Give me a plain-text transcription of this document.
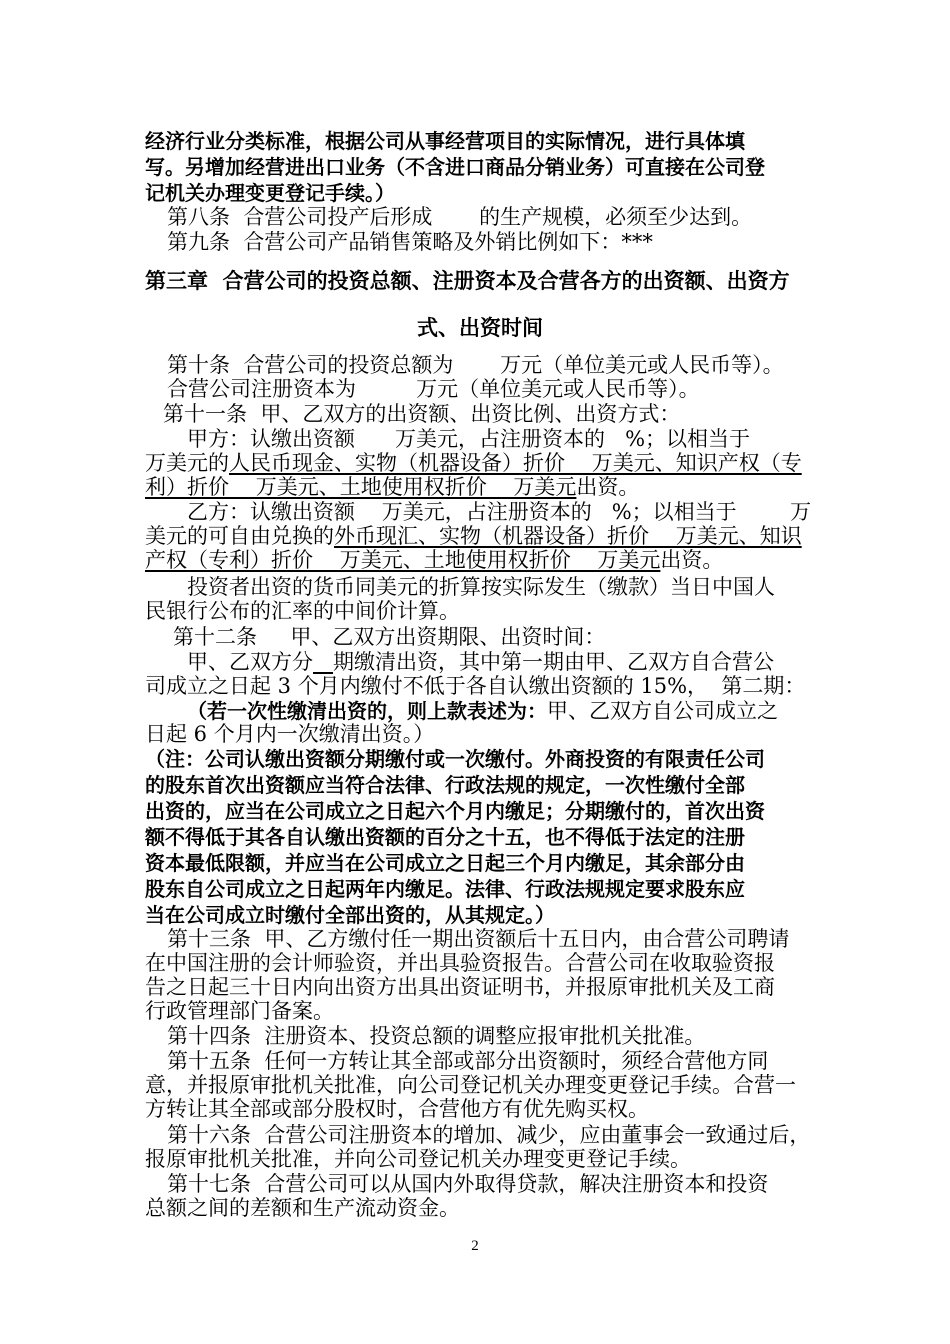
经济行业分类标准，根据公司从事经营项目的实际情况，进行具体填
写。另增加经营进出口业务（不含进口商品分销业务）可直接在公司登
记机关办理变更登记手续。）
第八条  合营公司投产后形成       的生产规模，必须至少达到。
第九条  合营公司产品销售策略及外销比例如下：***
第三章  合营公司的投资总额、注册资本及合营各方的出资额、出资方
式、出资时间
第十条  合营公司的投资总额为       万元（单位美元或人民币等）。
合营公司注册资本为         万元（单位美元或人民币等）。
第十一条  甲、乙双方的出资额、出资比例、出资方式：
甲方：认缴出资额      万美元，占注册资本的   %；以相当于
万美元的人民币现金、实物（机器设备）折价    万美元、知识产权（专
利）折价    万美元、土地使用权折价    万美元出资。
乙方：认缴出资额    万美元，占注册资本的   %；以相当于        万
美元的可自由兑换的外币现汇、实物（机器设备）折价    万美元、知识
产权（专利）折价    万美元、土地使用权折价    万美元出资。
投资者出资的货币同美元的折算按实际发生（缴款）当日中国人
民银行公布的汇率的中间价计算。
第十二条     甲、乙双方出资期限、出资时间：
甲、乙双方分 期缴清出资，其中第一期由甲、乙双方自合营公
司成立之日起 3 个月内缴付不低于各自认缴出资额的 15%，  第二期：
（若一次性缴清出资的，则上款表述为：甲、乙双方自公司成立之
日起 6 个月内一次缴清出资。）
（注：公司认缴出资额分期缴付或一次缴付。外商投资的有限责任公司
的股东首次出资额应当符合法律、行政法规的规定，一次性缴付全部
出资的，应当在公司成立之日起六个月内缴足；分期缴付的，首次出资
额不得低于其各自认缴出资额的百分之十五，也不得低于法定的注册
资本最低限额，并应当在公司成立之日起三个月内缴足，其余部分由
股东自公司成立之日起两年内缴足。法律、行政法规规定要求股东应
当在公司成立时缴付全部出资的，从其规定。）
第十三条  甲、乙方缴付任一期出资额后十五日内，由合营公司聘请
在中国注册的会计师验资，并出具验资报告。合营公司在收取验资报
告之日起三十日内向出资方出具出资证明书，并报原审批机关及工商
行政管理部门备案。
第十四条  注册资本、投资总额的调整应报审批机关批准。
第十五条  任何一方转让其全部或部分出资额时，须经合营他方同
意，并报原审批机关批准，向公司登记机关办理变更登记手续。合营一
方转让其全部或部分股权时，合营他方有优先购买权。
第十六条  合营公司注册资本的增加、减少，应由董事会一致通过后，
报原审批机关批准，并向公司登记机关办理变更登记手续。
第十七条  合营公司可以从国内外取得贷款，解决注册资本和投资
总额之间的差额和生产流动资金。
2
